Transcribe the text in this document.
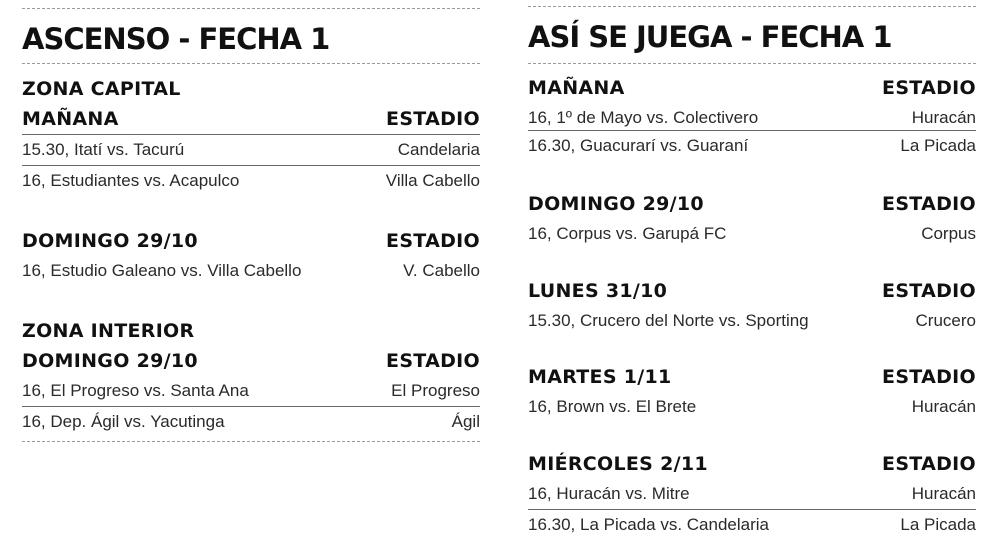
ASCENSO - FECHA 1
ZONA CAPITAL
MAÑANA	ESTADIO
15.30, Itatí vs. Tacurú	Candelaria
16, Estudiantes vs. Acapulco	Villa Cabello
DOMINGO 29/10	ESTADIO
16, Estudio Galeano vs. Villa Cabello	V. Cabello
ZONA INTERIOR
DOMINGO 29/10	ESTADIO
16, El Progreso vs. Santa Ana	El Progreso
16, Dep. Ágil vs. Yacutinga	Ágil
ASÍ SE JUEGA - FECHA 1
MAÑANA	ESTADIO
16, 1º de Mayo vs. Colectivero	Huracán
16.30, Guacurarí vs. Guaraní	La Picada
DOMINGO 29/10	ESTADIO
16, Corpus vs. Garupá FC	Corpus
LUNES 31/10	ESTADIO
15.30, Crucero del Norte vs. Sporting	Crucero
MARTES 1/11	ESTADIO
16, Brown vs. El Brete	Huracán
MIÉRCOLES 2/11	ESTADIO
16, Huracán vs. Mitre	Huracán
16.30, La Picada vs. Candelaria	La Picada
